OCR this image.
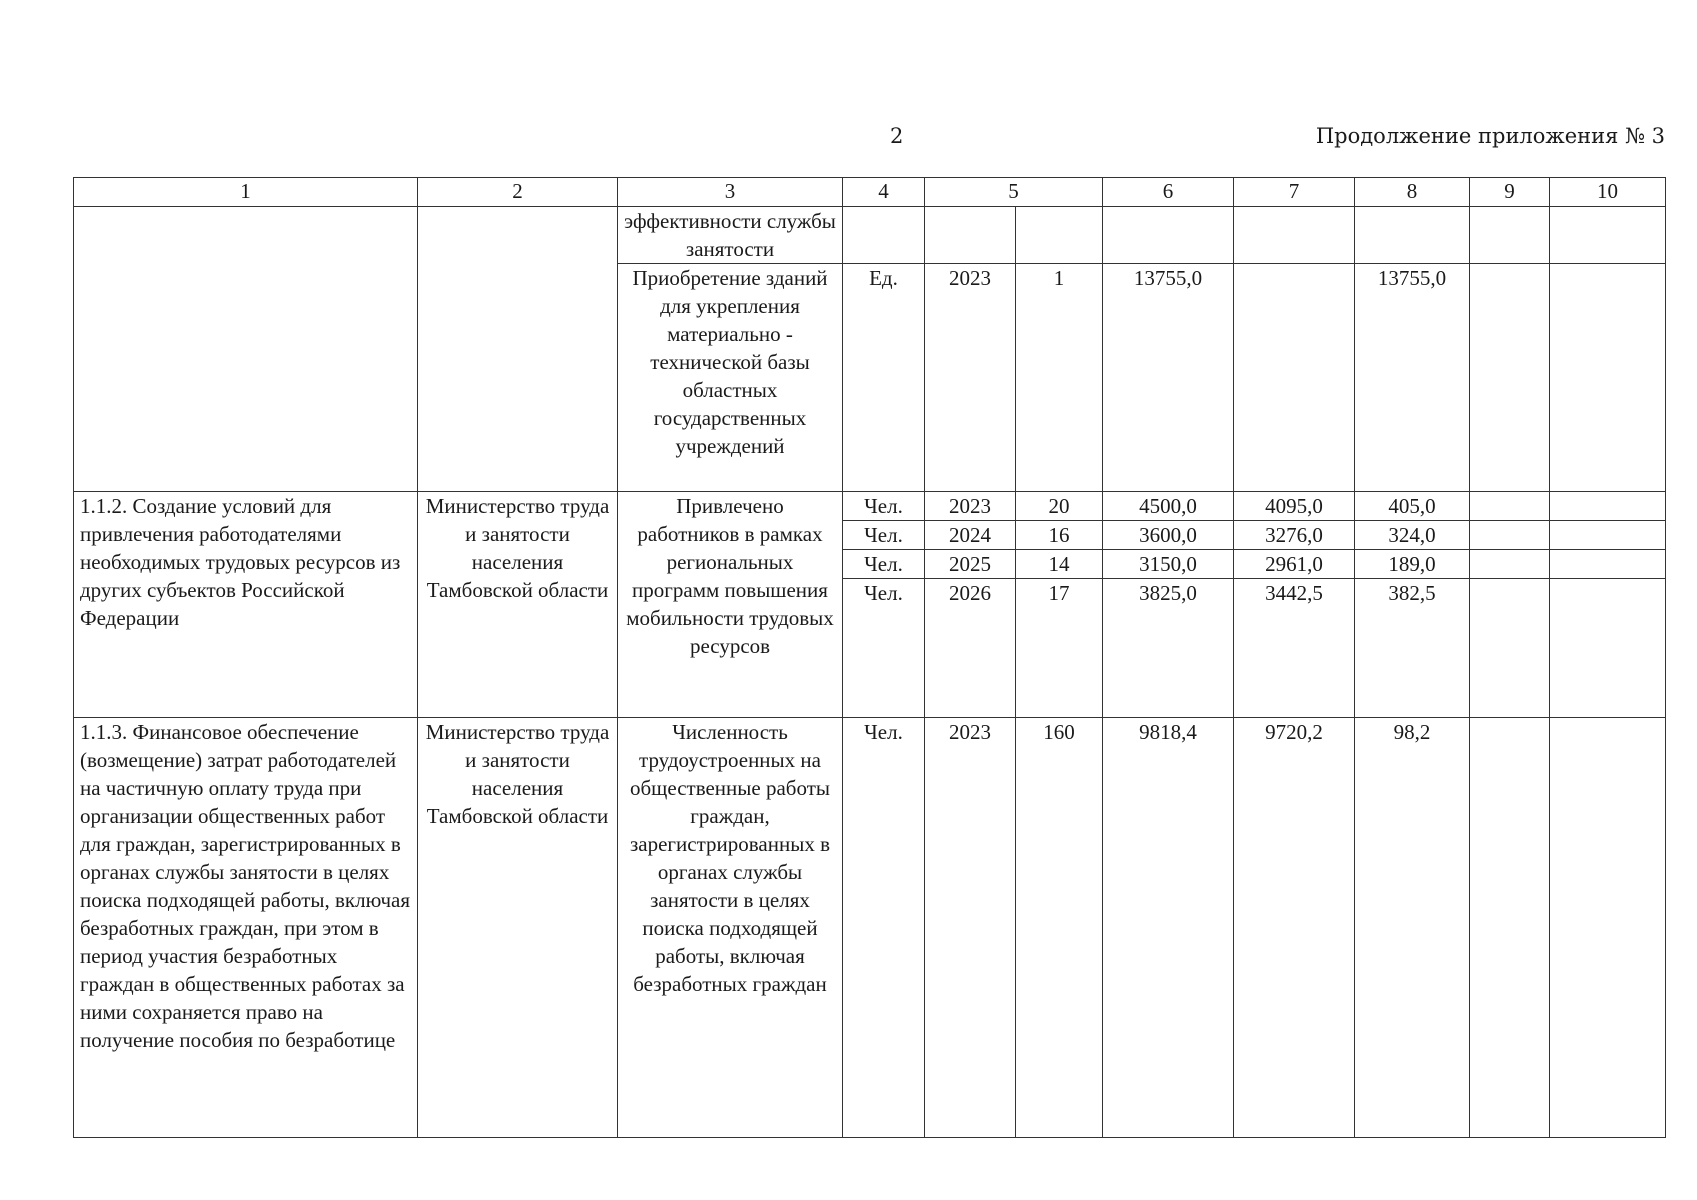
2	Продолжение приложения № 3
1	2	3	4	5		6	7	8	9	10
		эффективности службы занятости								
		Приобретение зданий для укрепления материально - технической базы областных государственных учреждений	Ед.	2023	1	13755,0		13755,0		
1.1.2. Создание условий для привлечения работодателями необходимых трудовых ресурсов из других субъектов Российской Федерации	Министерство труда и занятости населения Тамбовской области	Привлечено работников в рамках региональных программ повышения мобильности трудовых ресурсов	Чел.	2023	20	4500,0	4095,0	405,0		
			Чел.	2024	16	3600,0	3276,0	324,0		
			Чел.	2025	14	3150,0	2961,0	189,0		
			Чел.	2026	17	3825,0	3442,5	382,5		
1.1.3. Финансовое обеспечение (возмещение) затрат работодателей на частичную оплату труда при организации общественных работ для граждан, зарегистрированных в органах службы занятости в целях поиска подходящей работы, включая безработных граждан, при этом в период участия безработных граждан в общественных работах за ними сохраняется право на получение пособия по безработице	Министерство труда и занятости населения Тамбовской области	Численность трудоустроенных на общественные работы граждан, зарегистрированных в органах службы занятости в целях поиска подходящей работы, включая безработных граждан	Чел.	2023	160	9818,4	9720,2	98,2		
